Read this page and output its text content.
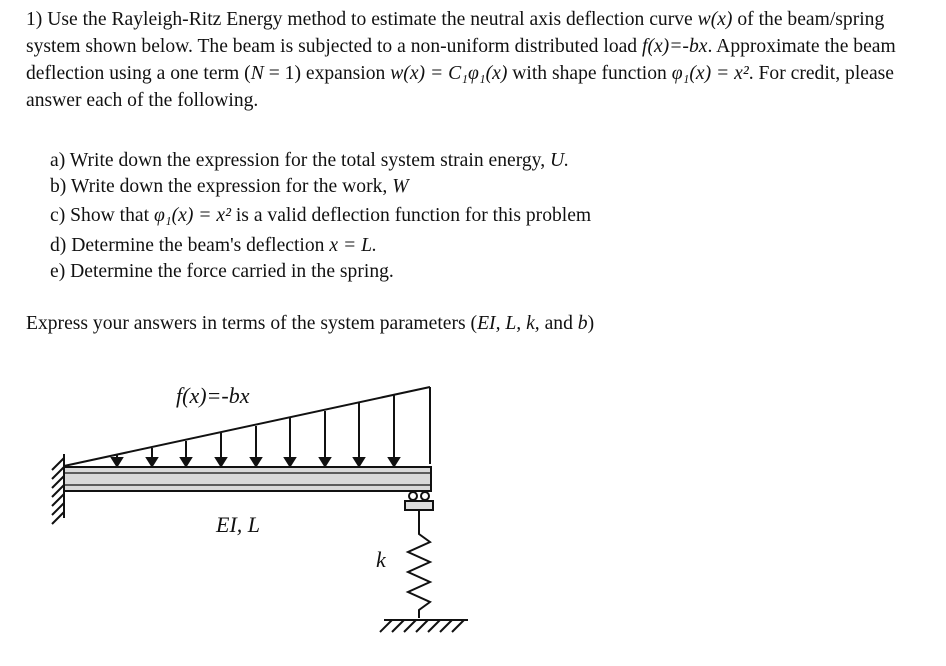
1) Use the Rayleigh-Ritz Energy method to estimate the neutral axis deflection curve w(x) of the beam/spring system shown below. The beam is subjected to a non-uniform distributed load f(x)=-bx. Approximate the beam deflection using a one term (N = 1) expansion w(x) = C₁φ₁(x) with shape function φ₁(x) = x². For credit, please answer each of the following.

a) Write down the expression for the total system strain energy, U.
b) Write down the expression for the work, W
c) Show that φ₁(x) = x² is a valid deflection function for this problem
d) Determine the beam's deflection x = L.
e) Determine the force carried in the spring.
Express your answers in terms of the system parameters (EI, L, k, and b)
f(x)=-bx
EI, L
k
